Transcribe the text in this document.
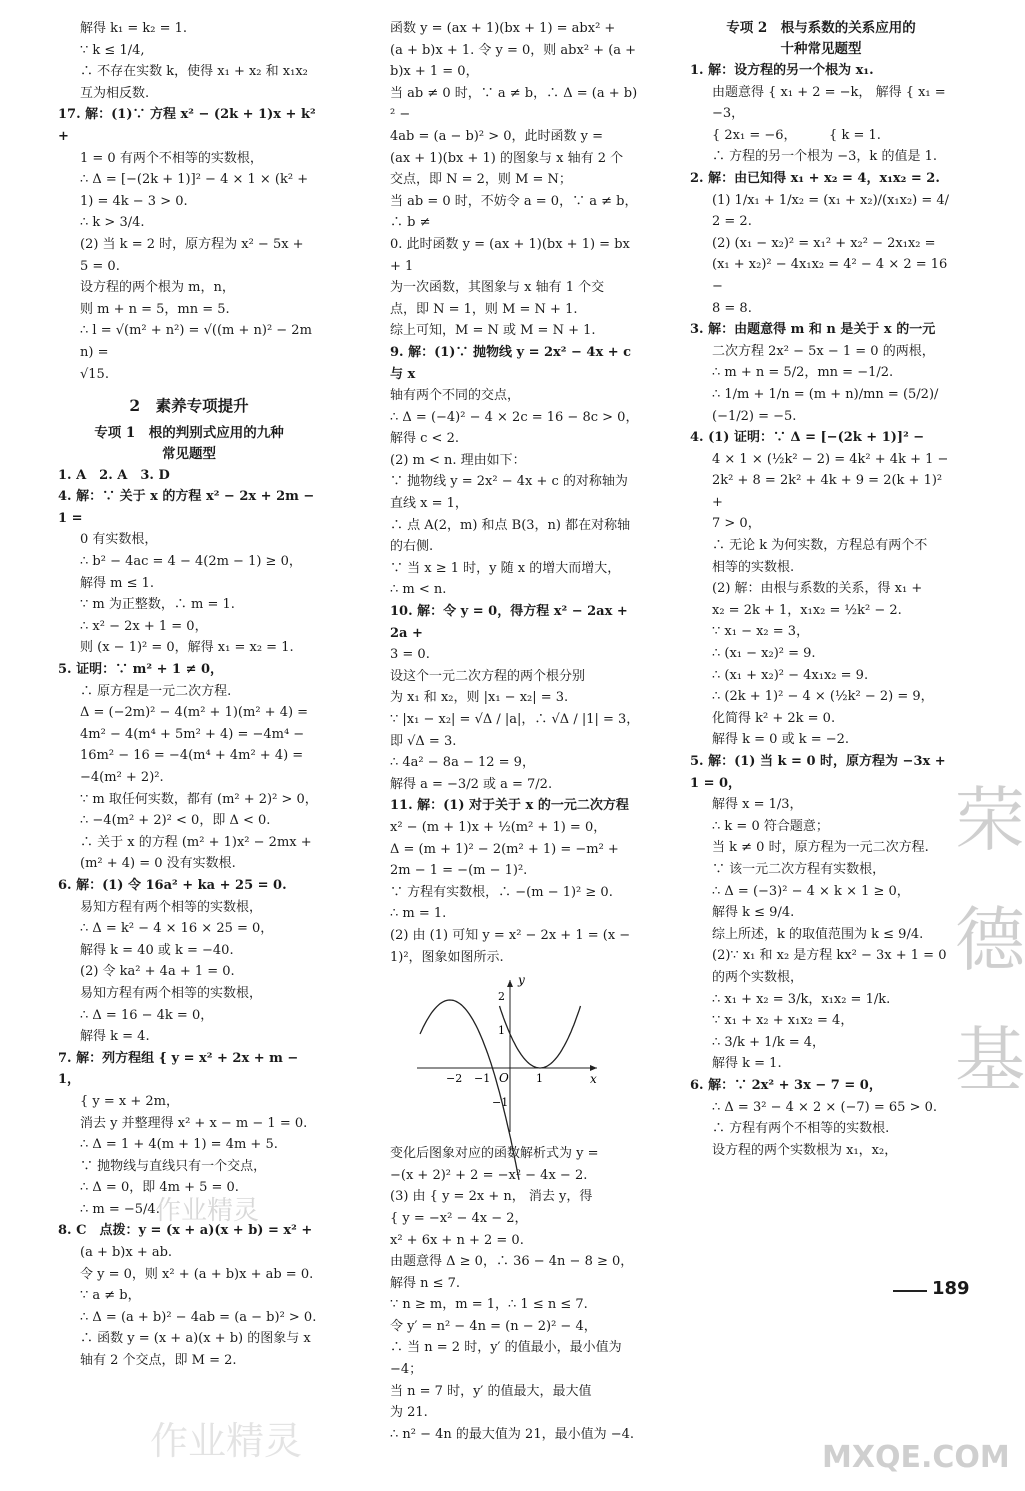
解得 k₁ = k₂ = 1.
∵ k ≤ 1/4,
∴ 不存在实数 k，使得 x₁ + x₂ 和 x₁x₂
互为相反数.
17. 解：(1)∵ 方程 x² − (2k + 1)x + k² +
1 = 0 有两个不相等的实数根，
∴ Δ = [−(2k + 1)]² − 4 × 1 × (k² +
1) = 4k − 3 > 0.
∴ k > 3/4.
(2) 当 k = 2 时，原方程为 x² − 5x +
5 = 0.
设方程的两个根为 m，n，
则 m + n = 5，mn = 5.
∴ l = √(m² + n²) = √((m + n)² − 2mn) =
√15.
2　素养专项提升
专项 1　根的判别式应用的九种
常见题型
1. A　2. A　3. D
4. 解：∵ 关于 x 的方程 x² − 2x + 2m − 1 =
0 有实数根，
∴ b² − 4ac = 4 − 4(2m − 1) ≥ 0，
解得 m ≤ 1.
∵ m 为正整数，∴ m = 1.
∴ x² − 2x + 1 = 0，
则 (x − 1)² = 0，解得 x₁ = x₂ = 1.
5. 证明：∵ m² + 1 ≠ 0，
∴ 原方程是一元二次方程.
Δ = (−2m)² − 4(m² + 1)(m² + 4) =
4m² − 4(m⁴ + 5m² + 4) = −4m⁴ −
16m² − 16 = −4(m⁴ + 4m² + 4) =
−4(m² + 2)².
∵ m 取任何实数，都有 (m² + 2)² > 0，
∴ −4(m² + 2)² < 0，即 Δ < 0.
∴ 关于 x 的方程 (m² + 1)x² − 2mx +
(m² + 4) = 0 没有实数根.
6. 解：(1) 令 16a² + ka + 25 = 0.
易知方程有两个相等的实数根，
∴ Δ = k² − 4 × 16 × 25 = 0，
解得 k = 40 或 k = −40.
(2) 令 ka² + 4a + 1 = 0.
易知方程有两个相等的实数根，
∴ Δ = 16 − 4k = 0，
解得 k = 4.
7. 解：列方程组 { y = x² + 2x + m − 1，
{ y = x + 2m，
消去 y 并整理得 x² + x − m − 1 = 0.
∴ Δ = 1 + 4(m + 1) = 4m + 5.
∵ 抛物线与直线只有一个交点，
∴ Δ = 0，即 4m + 5 = 0.
∴ m = −5/4.
8. C　点拨：y = (x + a)(x + b) = x² +
(a + b)x + ab.
令 y = 0，则 x² + (a + b)x + ab = 0.
∵ a ≠ b，
∴ Δ = (a + b)² − 4ab = (a − b)² > 0.
∴ 函数 y = (x + a)(x + b) 的图象与 x
轴有 2 个交点，即 M = 2.
函数 y = (ax + 1)(bx + 1) = abx² +
(a + b)x + 1. 令 y = 0，则 abx² + (a +
b)x + 1 = 0，
当 ab ≠ 0 时，∵ a ≠ b，∴ Δ = (a + b)² −
4ab = (a − b)² > 0，此时函数 y =
(ax + 1)(bx + 1) 的图象与 x 轴有 2 个
交点，即 N = 2，则 M = N；
当 ab = 0 时，不妨令 a = 0，∵ a ≠ b，∴ b ≠
0. 此时函数 y = (ax + 1)(bx + 1) = bx + 1
为一次函数，其图象与 x 轴有 1 个交
点，即 N = 1，则 M = N + 1.
综上可知，M = N 或 M = N + 1.
9. 解：(1)∵ 抛物线 y = 2x² − 4x + c 与 x
轴有两个不同的交点，
∴ Δ = (−4)² − 4 × 2c = 16 − 8c > 0，
解得 c < 2.
(2) m < n. 理由如下：
∵ 抛物线 y = 2x² − 4x + c 的对称轴为
直线 x = 1，
∴ 点 A(2，m) 和点 B(3，n) 都在对称轴
的右侧.
∵ 当 x ≥ 1 时，y 随 x 的增大而增大，
∴ m < n.
10. 解：令 y = 0，得方程 x² − 2ax + 2a +
3 = 0.
设这个一元二次方程的两个根分别
为 x₁ 和 x₂，则 |x₁ − x₂| = 3.
∵ |x₁ − x₂| = √Δ / |a|，∴ √Δ / |1| = 3，
即 √Δ = 3.
∴ 4a² − 8a − 12 = 9，
解得 a = −3/2 或 a = 7/2.
11. 解：(1) 对于关于 x 的一元二次方程
x² − (m + 1)x + ½(m² + 1) = 0，
Δ = (m + 1)² − 2(m² + 1) = −m² +
2m − 1 = −(m − 1)².
∵ 方程有实数根，∴ −(m − 1)² ≥ 0.
∴ m = 1.
(2) 由 (1) 可知 y = x² − 2x + 1 = (x −
1)²，图象如图所示.
y
x
O
2
1
−1
−2 −1	1
变化后图象对应的函数解析式为 y =
−(x + 2)² + 2 = −x² − 4x − 2.
(3) 由 { y = 2x + n， 消去 y，得
{ y = −x² − 4x − 2，
x² + 6x + n + 2 = 0.
由题意得 Δ ≥ 0，∴ 36 − 4n − 8 ≥ 0，
解得 n ≤ 7.
∵ n ≥ m，m = 1，∴ 1 ≤ n ≤ 7.
令 y′ = n² − 4n = (n − 2)² − 4，
∴ 当 n = 2 时，y′ 的值最小，最小值为
−4；
当 n = 7 时，y′ 的值最大，最大值
为 21.
∴ n² − 4n 的最大值为 21，最小值为 −4.
专项 2　根与系数的关系应用的
十种常见题型
1. 解：设方程的另一个根为 x₁.
由题意得 { x₁ + 2 = −k， 解得 { x₁ = −3，
{ 2x₁ = −6，　　　{ k = 1.
∴ 方程的另一个根为 −3，k 的值是 1.
2. 解：由已知得 x₁ + x₂ = 4，x₁x₂ = 2.
(1) 1/x₁ + 1/x₂ = (x₁ + x₂)/(x₁x₂) = 4/2 = 2.
(2) (x₁ − x₂)² = x₁² + x₂² − 2x₁x₂ =
(x₁ + x₂)² − 4x₁x₂ = 4² − 4 × 2 = 16 −
8 = 8.
3. 解：由题意得 m 和 n 是关于 x 的一元
二次方程 2x² − 5x − 1 = 0 的两根，
∴ m + n = 5/2，mn = −1/2.
∴ 1/m + 1/n = (m + n)/mn = (5/2)/(−1/2) = −5.
4. (1) 证明：∵ Δ = [−(2k + 1)]² −
4 × 1 × (½k² − 2) = 4k² + 4k + 1 −
2k² + 8 = 2k² + 4k + 9 = 2(k + 1)² +
7 > 0，
∴ 无论 k 为何实数，方程总有两个不
相等的实数根.
(2) 解：由根与系数的关系，得 x₁ +
x₂ = 2k + 1，x₁x₂ = ½k² − 2.
∵ x₁ − x₂ = 3，
∴ (x₁ − x₂)² = 9.
∴ (x₁ + x₂)² − 4x₁x₂ = 9.
∴ (2k + 1)² − 4 × (½k² − 2) = 9，
化简得 k² + 2k = 0.
解得 k = 0 或 k = −2.
5. 解：(1) 当 k = 0 时，原方程为 −3x + 1 = 0，
解得 x = 1/3，
∴ k = 0 符合题意；
当 k ≠ 0 时，原方程为一元二次方程.
∵ 该一元二次方程有实数根，
∴ Δ = (−3)² − 4 × k × 1 ≥ 0，
解得 k ≤ 9/4.
综上所述，k 的取值范围为 k ≤ 9/4.
(2)∵ x₁ 和 x₂ 是方程 kx² − 3x + 1 = 0
的两个实数根，
∴ x₁ + x₂ = 3/k，x₁x₂ = 1/k.
∵ x₁ + x₂ + x₁x₂ = 4，
∴ 3/k + 1/k = 4，
解得 k = 1.
6. 解：∵ 2x² + 3x − 7 = 0，
∴ Δ = 3² − 4 × 2 × (−7) = 65 > 0.
∴ 方程有两个不相等的实数根.
设方程的两个实数根为 x₁，x₂，
189
荣德基
作业精灵
作业精灵	MXQE.COM
